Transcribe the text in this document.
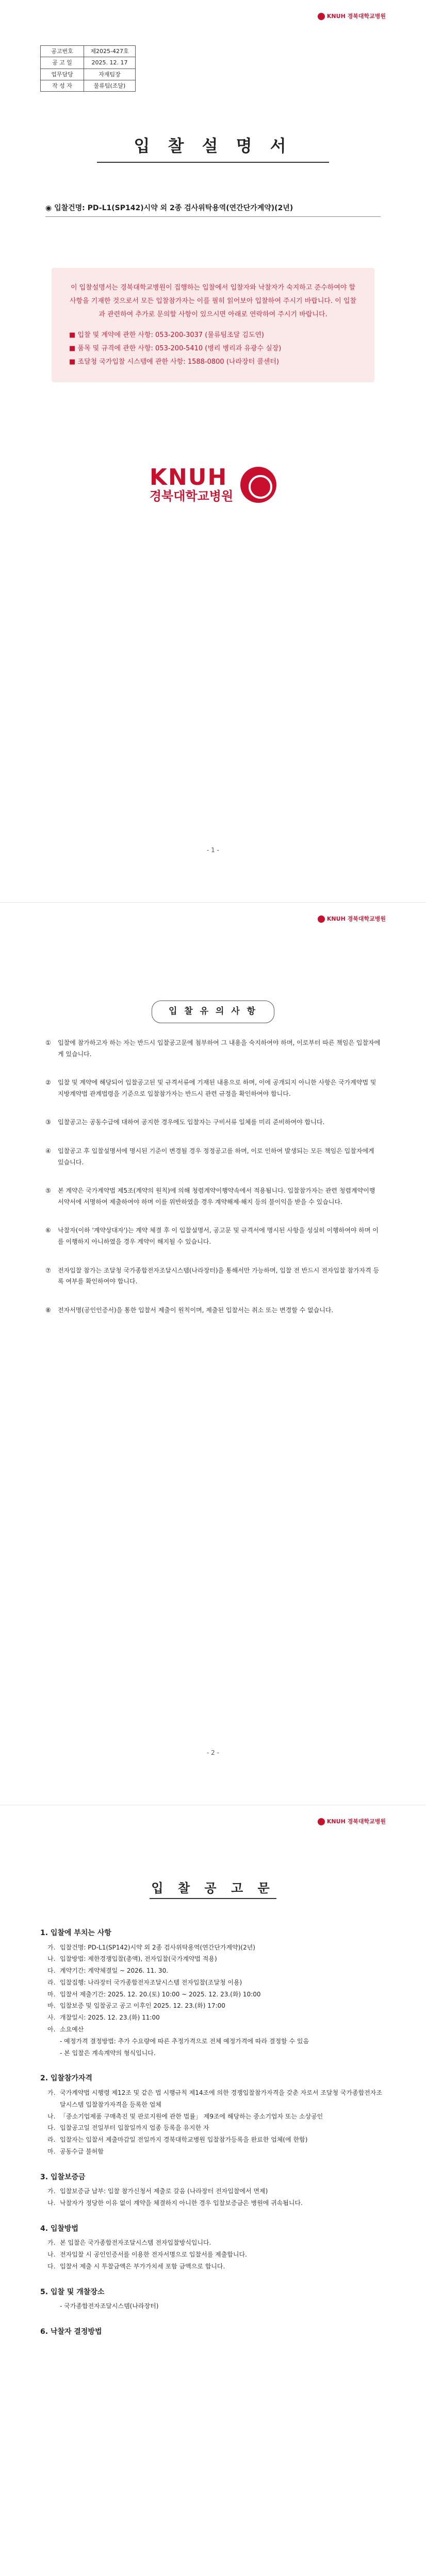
KNUH 경북대학교병원
공고번호	제2025-427호
공 고 일	2025. 12. 17
업무담당	자재팀장
작 성 자	물류팀(조달)
입 찰 설 명 서
◉ 입찰건명: PD-L1(SP142)시약 외 2종 검사위탁용역(연간단가계약)(2년)
이 입찰설명서는 경북대학교병원이 집행하는 입찰에서 입찰자와 낙찰자가 숙지하고 준수하여야 할 사항을 기재한 것으로서 모든 입찰참가자는 이를 필히 읽어보아 입찰하여 주시기 바랍니다. 이 입찰과 관련하여 추가로 문의할 사항이 있으시면 아래로 연락하여 주시기 바랍니다.
■ 입찰 및 계약에 관한 사항: 053-200-3037 (물류팀조달 김도연)
■ 품목 및 규격에 관한 사항: 053-200-5410 (병리 병리과 유광수 실장)
■ 조달청 국가입찰 시스템에 관한 사항: 1588-0800 (나라장터 콜센터)
KNUH
경북대학교병원
- 1 -
KNUH 경북대학교병원
입 찰 유 의 사 항
①	입찰에 참가하고자 하는 자는 반드시 입찰공고문에 첨부하여 그 내용을 숙지하여야 하며, 이로부터 따른 책임은 입찰자에게 있습니다.
②	입찰 및 계약에 해당되어 입찰공고된 및 규격서류에 기재된 내용으로 하며, 이에 공개되지 아니한 사항은 국가계약법 및 지방계약법 관계법령을 기준으로 입찰참가자는 반드시 관련 규정을 확인하여야 합니다.
③	입찰공고는 공동수급에 대하여 공지한 경우에도 입찰자는 구비서류 일체를 미리 준비하여야 합니다.
④	입찰공고 후 입찰설명서에 명시된 기준이 변경될 경우 정정공고를 하며, 이로 인하여 발생되는 모든 책임은 입찰자에게 있습니다.
⑤	본 계약은 국가계약법 제5조(계약의 원칙)에 의해 청렴계약이행약속에서 적용됩니다. 입찰참가자는 관련 청렴계약이행서약서에 서명하여 제출하여야 하며 이를 위반하였을 경우 계약해제·해지 등의 불이익을 받을 수 있습니다.
⑥	낙찰자(이하 '계약상대자')는 계약 체결 후 이 입찰설명서, 공고문 및 규격서에 명시된 사항을 성실히 이행하여야 하며 이를 이행하지 아니하였을 경우 계약이 해지될 수 있습니다.
⑦	전자입찰 참가는 조달청 국가종합전자조달시스템(나라장터)을 통해서만 가능하며, 입찰 전 반드시 전자입찰 참가자격 등록 여부를 확인하여야 합니다.
⑧	전자서명(공인인증서)을 통한 입찰서 제출이 원칙이며, 제출된 입찰서는 취소 또는 변경할 수 없습니다.
- 2 -
KNUH 경북대학교병원
입 찰 공 고 문
1. 입찰에 부치는 사항
가. 입찰건명: PD-L1(SP142)시약 외 2종 검사위탁용역(연간단가계약)(2년)
나. 입찰방법: 제한경쟁입찰(총액), 전자입찰(국가계약법 적용)
다. 계약기간: 계약체결일 ~ 2026. 11. 30.
라. 입찰집행: 나라장터 국가종합전자조달시스템 전자입찰(조달청 이용)
마. 입찰서 제출기간: 2025. 12. 20.(토) 10:00 ~ 2025. 12. 23.(화) 10:00
바. 입찰보증 및 입찰공고 공고 이후인 2025. 12. 23.(화) 17:00
사. 개찰일시: 2025. 12. 23.(화) 11:00
아. 소요예산
- 예정가격 결정방법: 추가 수요량에 따른 추정가격으로 전체 예정가격에 따라 결정할 수 있음
- 본 입찰은 계속계약의 형식입니다.
2. 입찰참가자격
가. 국가계약법 시행령 제12조 및 같은 법 시행규칙 제14조에 의한 경쟁입찰참가자격을 갖춘 자로서 조달청 국가종합전자조달시스템 입찰참가자격을 등록한 업체
나. 「중소기업제품 구매촉진 및 판로지원에 관한 법률」 제9조에 해당하는 중소기업자 또는 소상공인
다. 입찰공고일 전일부터 입찰일까지 업종 등록을 유지한 자
라. 입찰자는 입찰서 제출마감일 전일까지 경북대학교병원 입찰참가등록을 완료한 업체(에 한함)
마. 공동수급 불허함
3. 입찰보증금
가. 입찰보증금 납부: 입찰 참가신청서 제출로 갈음 (나라장터 전자입찰에서 면제)
나. 낙찰자가 정당한 이유 없이 계약을 체결하지 아니한 경우 입찰보증금은 병원에 귀속됩니다.
4. 입찰방법
가. 본 입찰은 국가종합전자조달시스템 전자입찰방식입니다.
나. 전자입찰 시 공인인증서를 이용한 전자서명으로 입찰서를 제출합니다.
다. 입찰서 제출 시 투찰금액은 부가가치세 포함 금액으로 합니다.
5. 입찰 및 개찰장소
- 국가종합전자조달시스템(나라장터)
6. 낙찰자 결정방법
